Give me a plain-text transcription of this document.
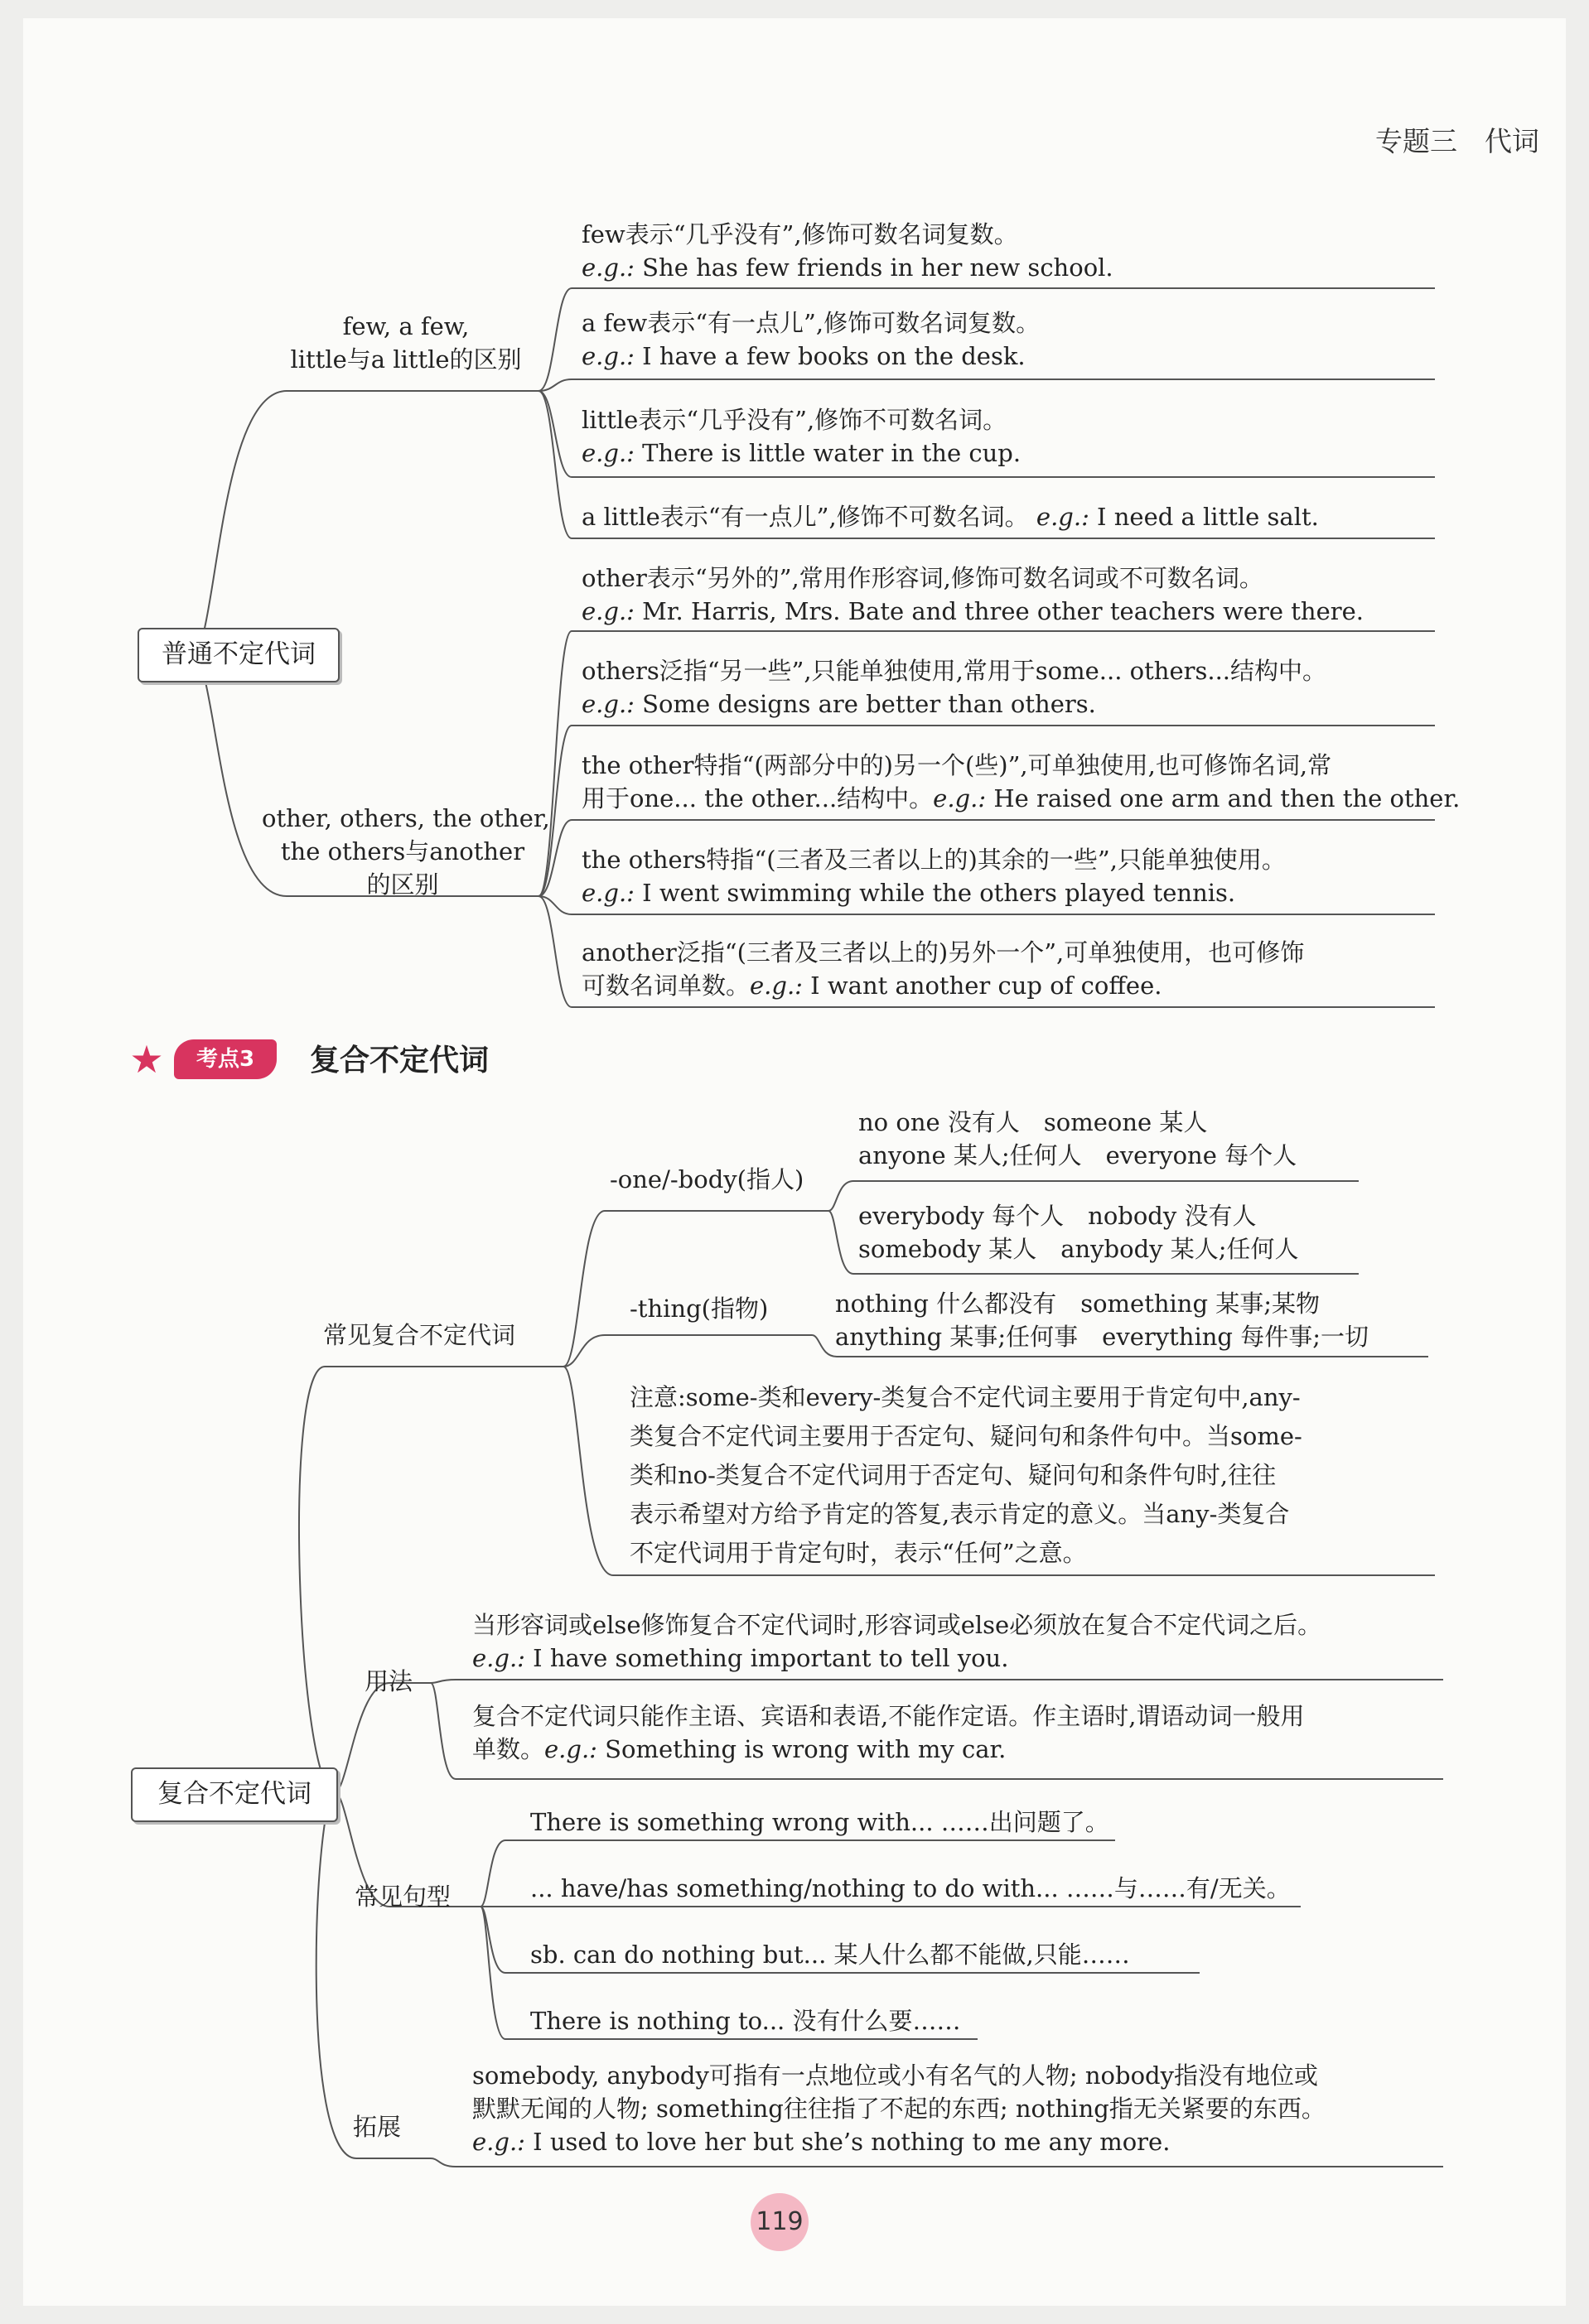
专题三　代词
普通不定代词
few, a few,
little与a little的区别
few表示“几乎没有”,修饰可数名词复数。
e.g.: She has few friends in her new school.
a few表示“有一点儿”,修饰可数名词复数。
e.g.: I have a few books on the desk.
little表示“几乎没有”,修饰不可数名词。
e.g.: There is little water in the cup.
a little表示“有一点儿”,修饰不可数名词。 e.g.: I need a little salt.
other, others, the other,
the others与another
的区别
other表示“另外的”,常用作形容词,修饰可数名词或不可数名词。
e.g.: Mr. Harris, Mrs. Bate and three other teachers were there.
others泛指“另一些”,只能单独使用,常用于some... others...结构中。
e.g.: Some designs are better than others.
the other特指“(两部分中的)另一个(些)”,可单独使用,也可修饰名词,常
用于one... the other...结构中。e.g.: He raised one arm and then the other.
the others特指“(三者及三者以上的)其余的一些”,只能单独使用。
e.g.: I went swimming while the others played tennis.
another泛指“(三者及三者以上的)另外一个”,可单独使用，也可修饰
可数名词单数。e.g.: I want another cup of coffee.
★	考点3	复合不定代词
复合不定代词
常见复合不定代词
-one/-body(指人)
-thing(指物)
no one 没有人　someone 某人
anyone 某人;任何人　everyone 每个人
everybody 每个人　nobody 没有人
somebody 某人　anybody 某人;任何人
nothing 什么都没有　something 某事;某物
anything 某事;任何事　everything 每件事;一切
注意:some-类和every-类复合不定代词主要用于肯定句中,any-
类复合不定代词主要用于否定句、疑问句和条件句中。当some-
类和no-类复合不定代词用于否定句、疑问句和条件句时,往往
表示希望对方给予肯定的答复,表示肯定的意义。当any-类复合
不定代词用于肯定句时，表示“任何”之意。
用法
当形容词或else修饰复合不定代词时,形容词或else必须放在复合不定代词之后。
e.g.: I have something important to tell you.
复合不定代词只能作主语、宾语和表语,不能作定语。作主语时,谓语动词一般用
单数。e.g.: Something is wrong with my car.
常见句型
There is something wrong with... ……出问题了。
... have/has something/nothing to do with... ……与……有/无关。
sb. can do nothing but... 某人什么都不能做,只能……
There is nothing to... 没有什么要……
拓展
somebody, anybody可指有一点地位或小有名气的人物; nobody指没有地位或
默默无闻的人物; something往往指了不起的东西; nothing指无关紧要的东西。
e.g.: I used to love her but she’s nothing to me any more.
119
